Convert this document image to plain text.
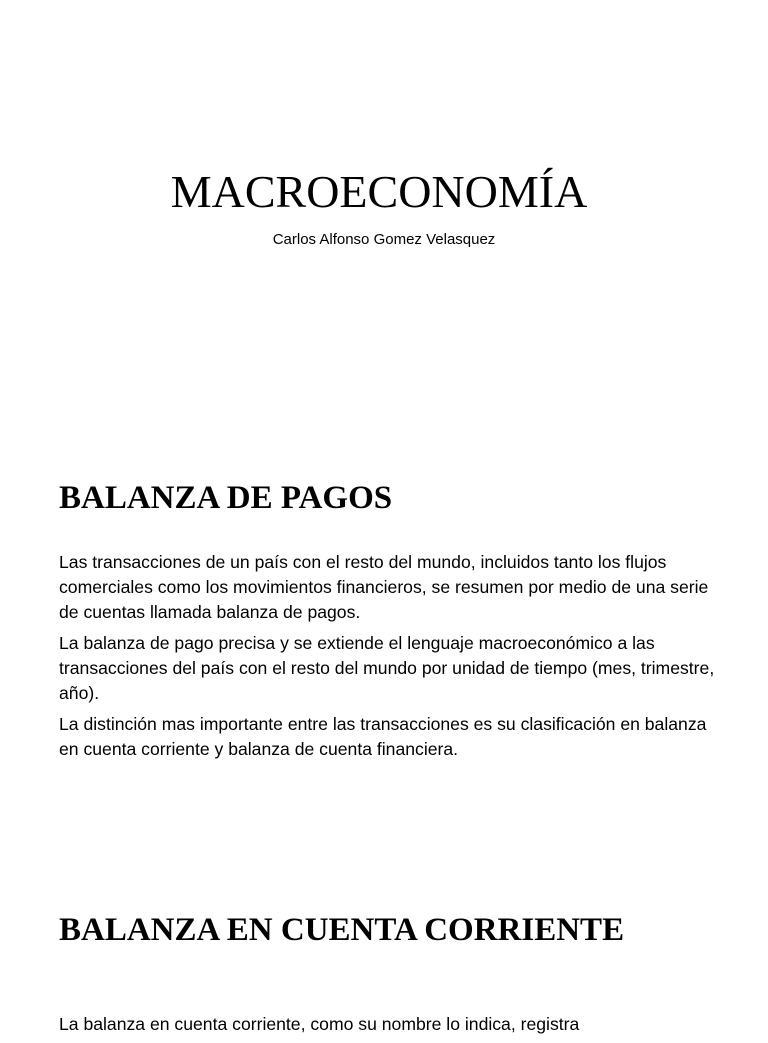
MACROECONOMÍA

Carlos Alfonso Gomez Velasquez

BALANZA DE PAGOS

Las transacciones de un país con el resto del mundo, incluidos tanto los flujos comerciales como los movimientos financieros, se resumen por medio de una serie de cuentas llamada balanza de pagos.

La balanza de pago precisa y se extiende el lenguaje macroeconómico a las transacciones del país con el resto del mundo por unidad de tiempo (mes, trimestre, año).

La distinción mas importante entre las transacciones es su clasificación en balanza en cuenta corriente y balanza de cuenta financiera.

BALANZA EN CUENTA CORRIENTE

La balanza en cuenta corriente, como su nombre lo indica, registra
